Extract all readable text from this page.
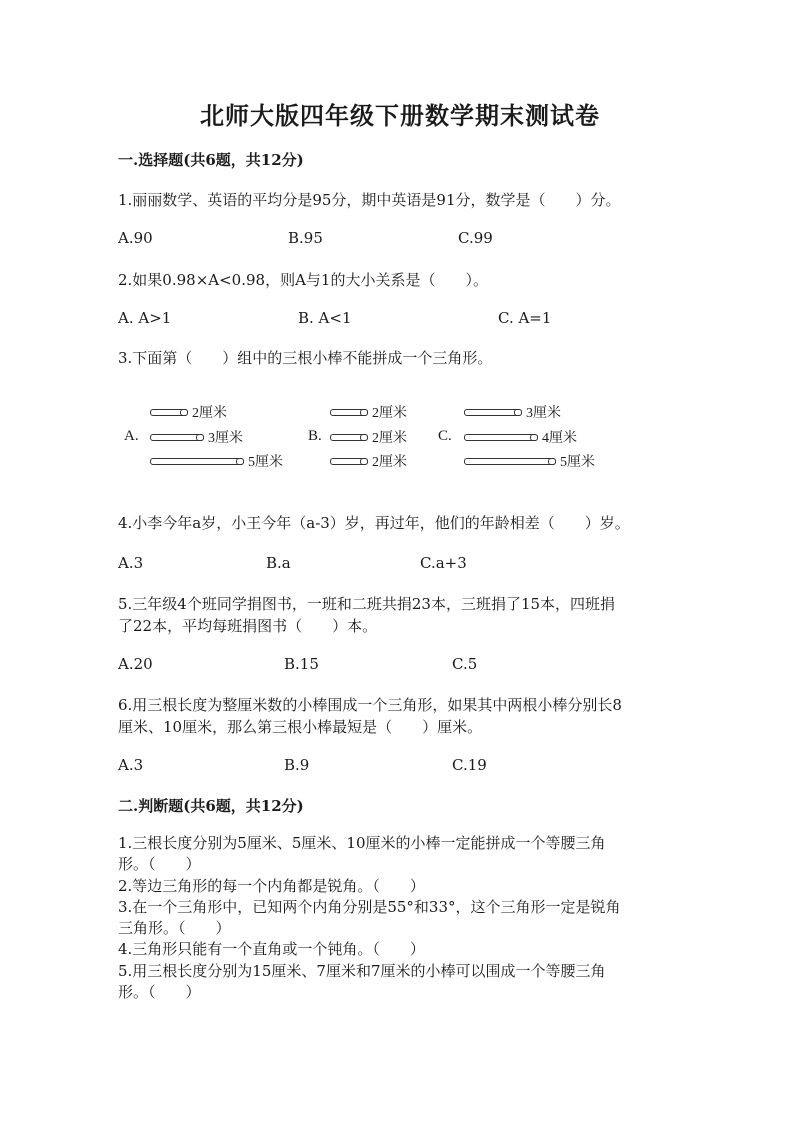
北师大版四年级下册数学期末测试卷
一.选择题(共6题，共12分)
1.丽丽数学、英语的平均分是95分，期中英语是91分，数学是（　　）分。
A.90	B.95	C.99
2.如果0.98×A<0.98，则A与1的大小关系是（　　）。
A. A>1	B. A<1	C. A=1
3.下面第（　　）组中的三根小棒不能拼成一个三角形。
A.
2厘米
3厘米
5厘米
B.
2厘米
2厘米
2厘米
C.
3厘米
4厘米
5厘米
4.小李今年a岁，小王今年（a-3）岁，再过年，他们的年龄相差（　　）岁。
A.3	B.a	C.a+3
5.三年级4个班同学捐图书，一班和二班共捐23本，三班捐了15本，四班捐
了22本，平均每班捐图书（　　）本。
A.20	B.15	C.5
6.用三根长度为整厘米数的小棒围成一个三角形，如果其中两根小棒分别长8
厘米、10厘米，那么第三根小棒最短是（　　）厘米。
A.3	B.9	C.19
二.判断题(共6题，共12分)
1.三根长度分别为5厘米、5厘米、10厘米的小棒一定能拼成一个等腰三角
形。（　　）
2.等边三角形的每一个内角都是锐角。（　　）
3.在一个三角形中，已知两个内角分别是55°和33°，这个三角形一定是锐角
三角形。（　　）
4.三角形只能有一个直角或一个钝角。（　　）
5.用三根长度分别为15厘米、7厘米和7厘米的小棒可以围成一个等腰三角
形。（　　）
